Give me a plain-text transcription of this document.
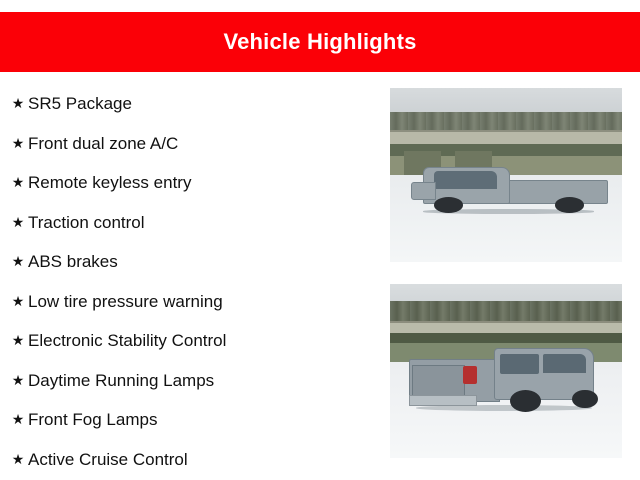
Vehicle Highlights
★ SR5 Package
★ Front dual zone A/C
★ Remote keyless entry
★ Traction control
★ ABS brakes
★ Low tire pressure warning
★ Electronic Stability Control
★ Daytime Running Lamps
★ Front Fog Lamps
★ Active Cruise Control
